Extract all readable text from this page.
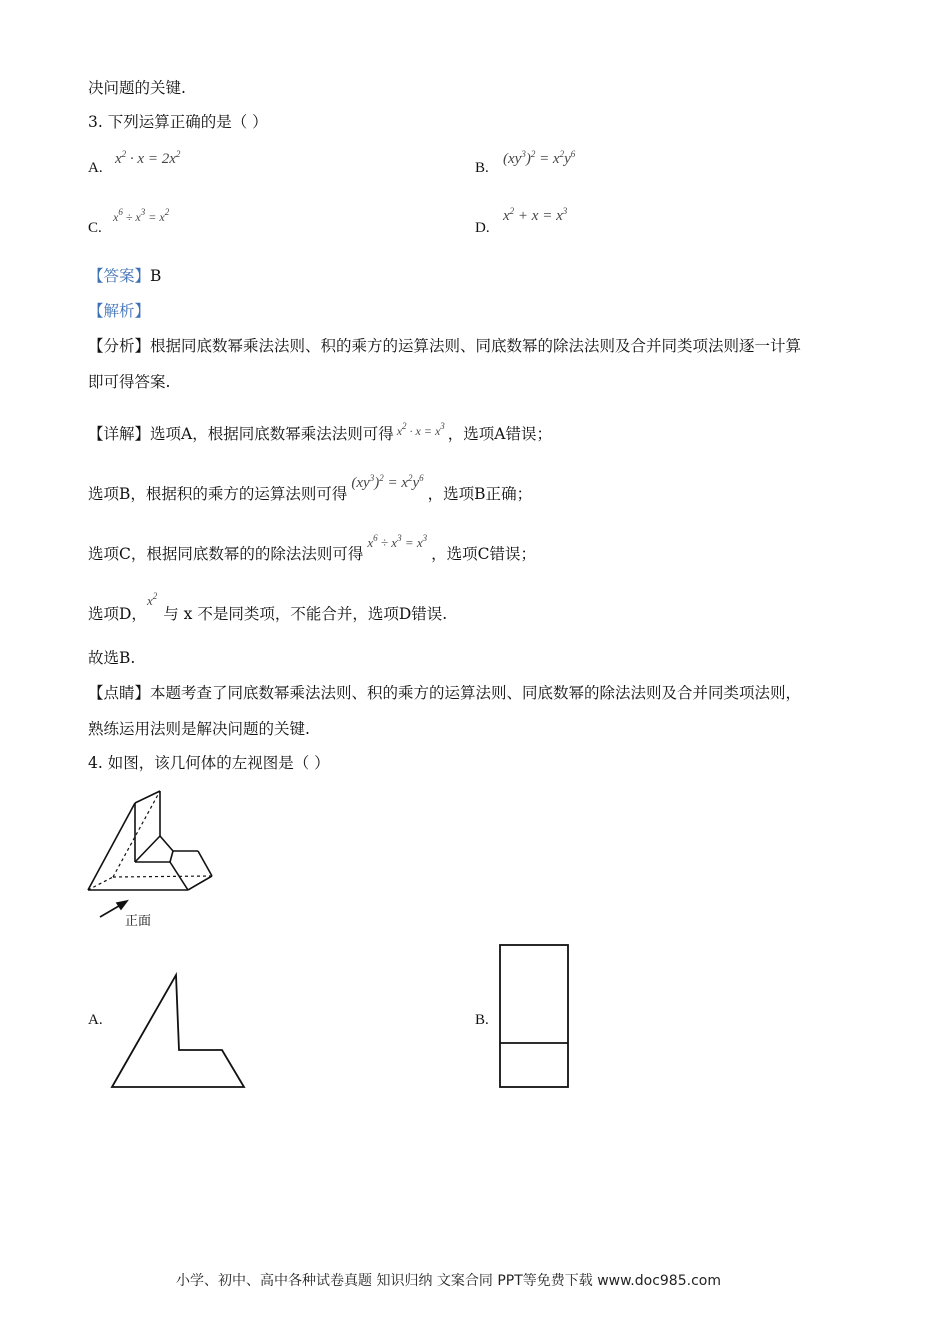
决问题的关键.
3. 下列运算正确的是（ ）
A.
$x^2 \cdot x = 2x^2$
B.
$(xy^3)^2 = x^2y^6$
C.
$x^6 \div x^3 = x^2$
D.
$x^2 + x = x^3$
【答案】B
【解析】
【分析】根据同底数幂乘法法则、积的乘方的运算法则、同底数幂的除法法则及合并同类项法则逐一计算
即可得答案.
【详解】选项A，根据同底数幂乘法法则可得 $^{x^2 \cdot x = x^3}$ ，选项A错误；
选项B，根据积的乘方的运算法则可得$(xy^3)^2 = x^2y^6$，选项B正确；
选项C，根据同底数幂的的除法法则可得$^{x^6 \div x^3 = x^3}$，选项C错误；
选项D，$^{x^2}$与 x 不是同类项，不能合并，选项D错误.
故选B.
【点睛】本题考查了同底数幂乘法法则、积的乘方的运算法则、同底数幂的除法法则及合并同类项法则，
熟练运用法则是解决问题的关键.
4. 如图，该几何体的左视图是（ ）
正面
A.	B.
小学、初中、高中各种试卷真题 知识归纳 文案合同 PPT等免费下载 www.doc985.com
